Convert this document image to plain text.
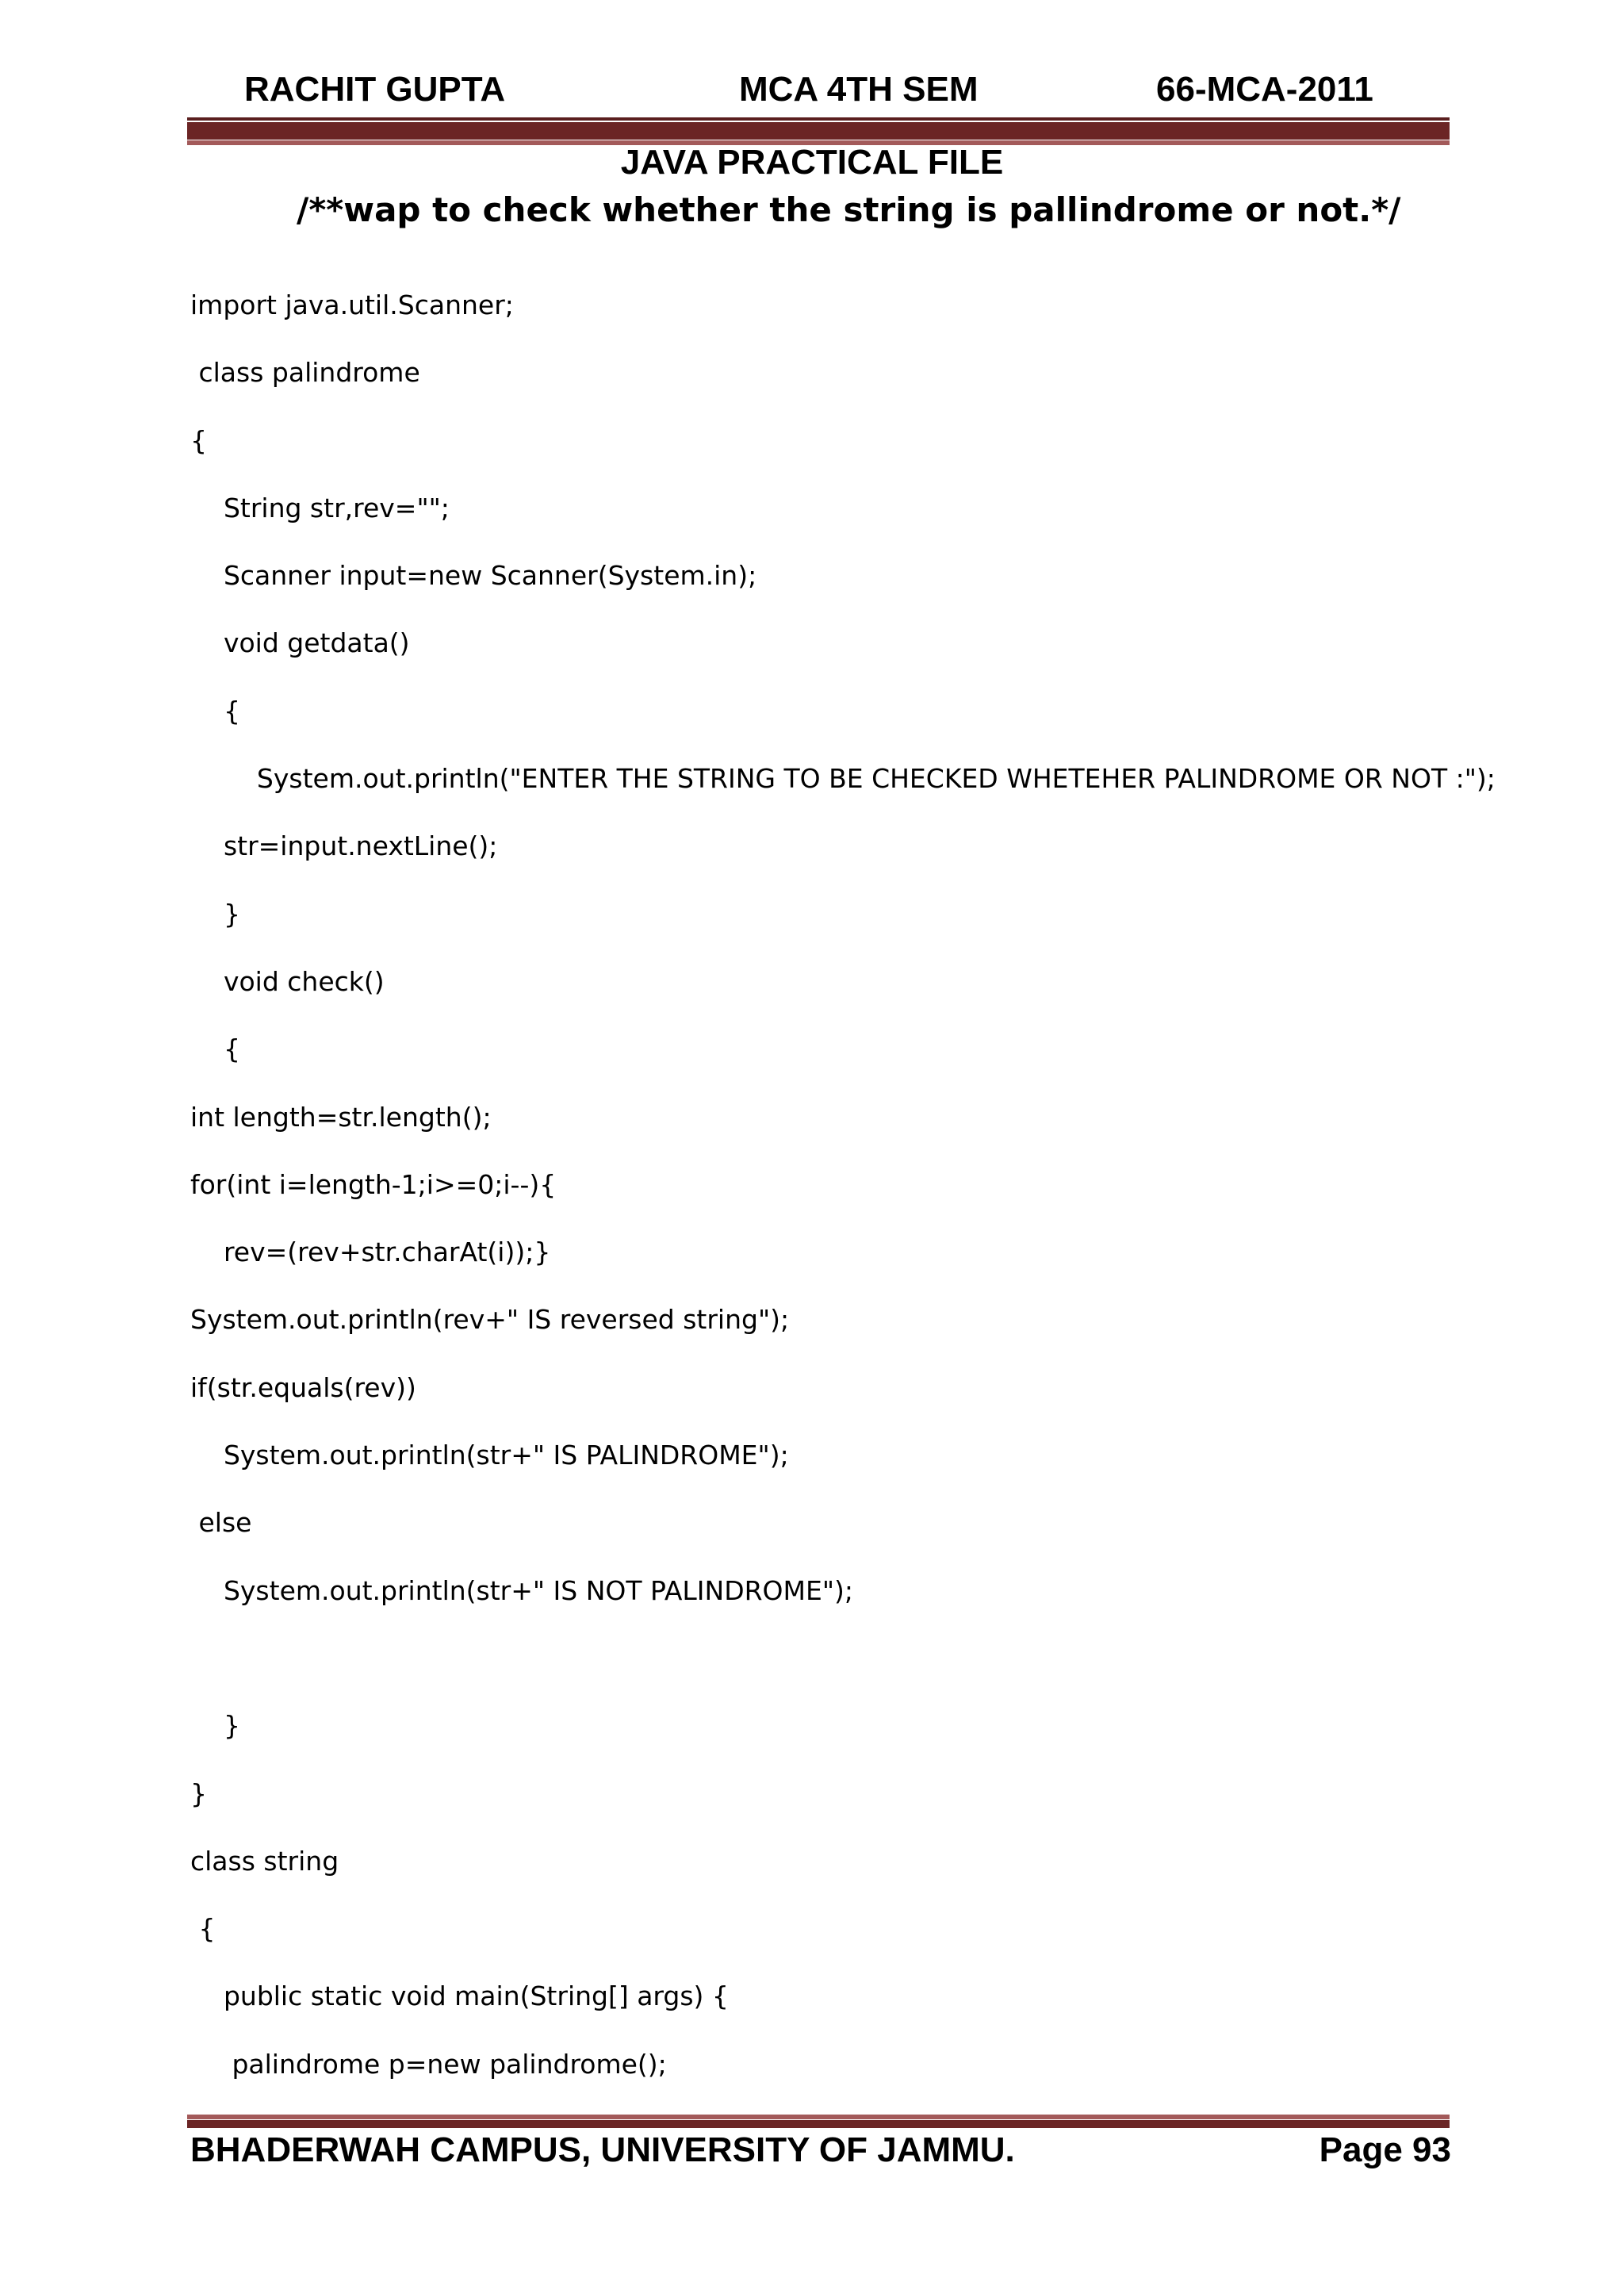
RACHIT GUPTA	MCA 4TH SEM	66-MCA-2011
JAVA PRACTICAL FILE
/**wap to check whether the string is pallindrome or not.*/
import java.util.Scanner;
class palindrome
{
String str,rev="";
Scanner input=new Scanner(System.in);
void getdata()
{
System.out.println("ENTER THE STRING TO BE CHECKED WHETEHER PALINDROME OR NOT :");
str=input.nextLine();
}
void check()
{
int length=str.length();
for(int i=length-1;i>=0;i--){
rev=(rev+str.charAt(i));}
System.out.println(rev+" IS reversed string");
if(str.equals(rev))
System.out.println(str+" IS PALINDROME");
else
System.out.println(str+" IS NOT PALINDROME");
}
}
class string
{
public static void main(String[] args) {
palindrome p=new palindrome();
BHADERWAH CAMPUS, UNIVERSITY OF JAMMU.	Page 93
